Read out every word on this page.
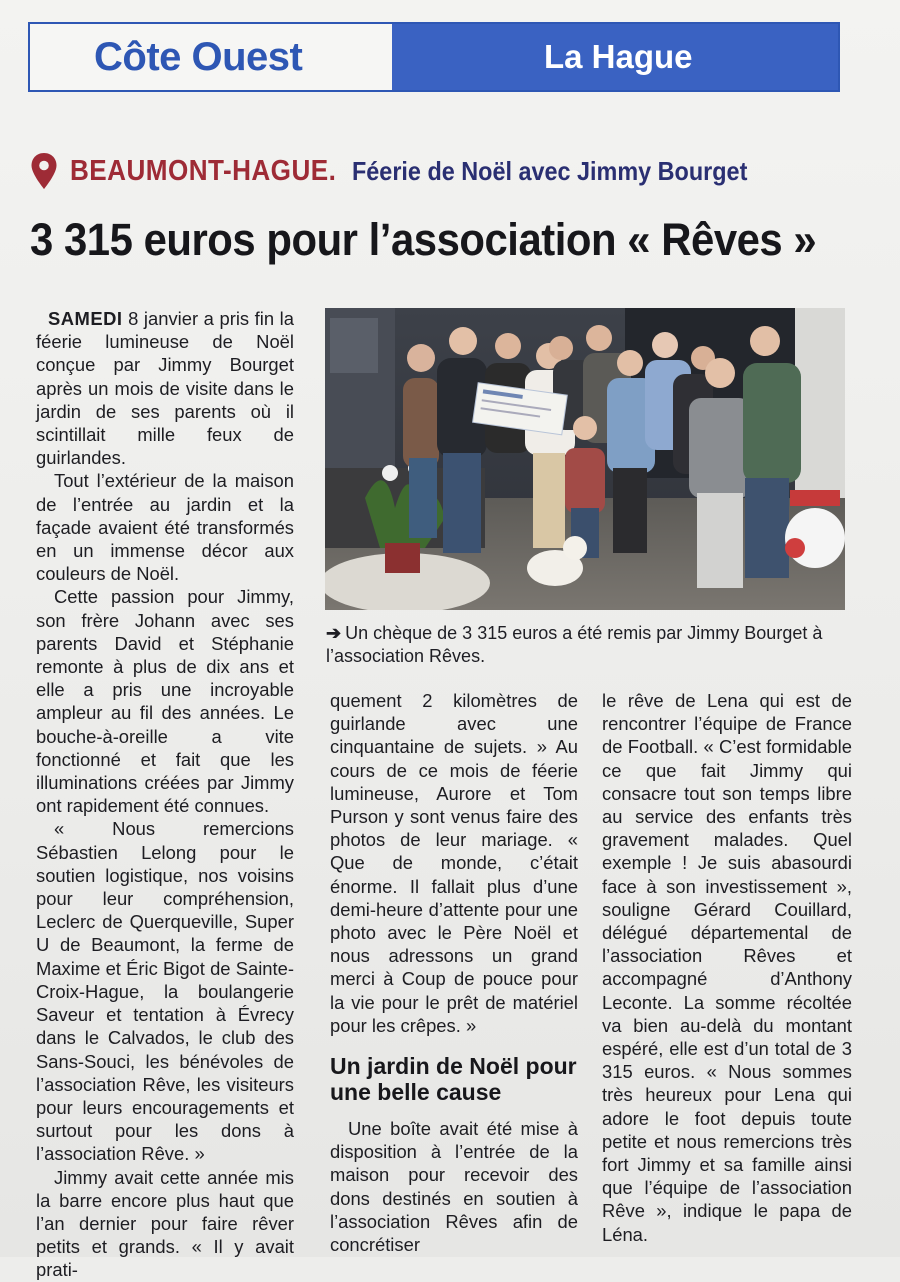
Côte Ouest	La Hague
BEAUMONT-HAGUE. Féerie de Noël avec Jimmy Bourget
3 315 euros pour l’association « Rêves »
➔ Un chèque de 3 315 euros a été remis par Jimmy Bourget à l’association Rêves.

SAMEDI 8 janvier a pris fin la féerie lumineuse de Noël conçue par Jimmy Bourget après un mois de visite dans le jardin de ses parents où il scintillait mille feux de guirlandes.

Tout l’extérieur de la maison de l’entrée au jardin et la façade avaient été transformés en un immense décor aux couleurs de Noël.

Cette passion pour Jimmy, son frère Johann avec ses parents David et Stéphanie remonte à plus de dix ans et elle a pris une incroyable ampleur au fil des années. Le bouche-à-oreille a vite fonctionné et fait que les illuminations créées par Jimmy ont rapidement été connues.

« Nous remercions Sébastien Lelong pour le soutien logistique, nos voisins pour leur compréhension, Leclerc de Querqueville, Super U de Beaumont, la ferme de Maxime et Éric Bigot de Sainte-Croix-Hague, la boulangerie Saveur et tentation à Évrecy dans le Calvados, le club des Sans-Souci, les bénévoles de l’association Rêve, les visiteurs pour leurs encouragements et surtout pour les dons à l’association Rêve. »

Jimmy avait cette année mis la barre encore plus haut que l’an dernier pour faire rêver petits et grands. « Il y avait prati-

quement 2 kilomètres de guirlande avec une cinquantaine de sujets. » Au cours de ce mois de féerie lumineuse, Aurore et Tom Purson y sont venus faire des photos de leur mariage. « Que de monde, c’était énorme. Il fallait plus d’une demi-heure d’attente pour une photo avec le Père Noël et nous adressons un grand merci à Coup de pouce pour la vie pour le prêt de matériel pour les crêpes. »

Un jardin de Noël pour une belle cause

Une boîte avait été mise à disposition à l’entrée de la maison pour recevoir des dons destinés en soutien à l’association Rêves afin de concrétiser

le rêve de Lena qui est de rencontrer l’équipe de France de Football. « C’est formidable ce que fait Jimmy qui consacre tout son temps libre au service des enfants très gravement malades. Quel exemple ! Je suis abasourdi face à son investissement », souligne Gérard Couillard, délégué départemental de l’association Rêves et accompagné d’Anthony Leconte. La somme récoltée va bien au-delà du montant espéré, elle est d’un total de 3 315 euros. « Nous sommes très heureux pour Lena qui adore le foot depuis toute petite et nous remercions très fort Jimmy et sa famille ainsi que l’équipe de l’association Rêve », indique le papa de Léna.
